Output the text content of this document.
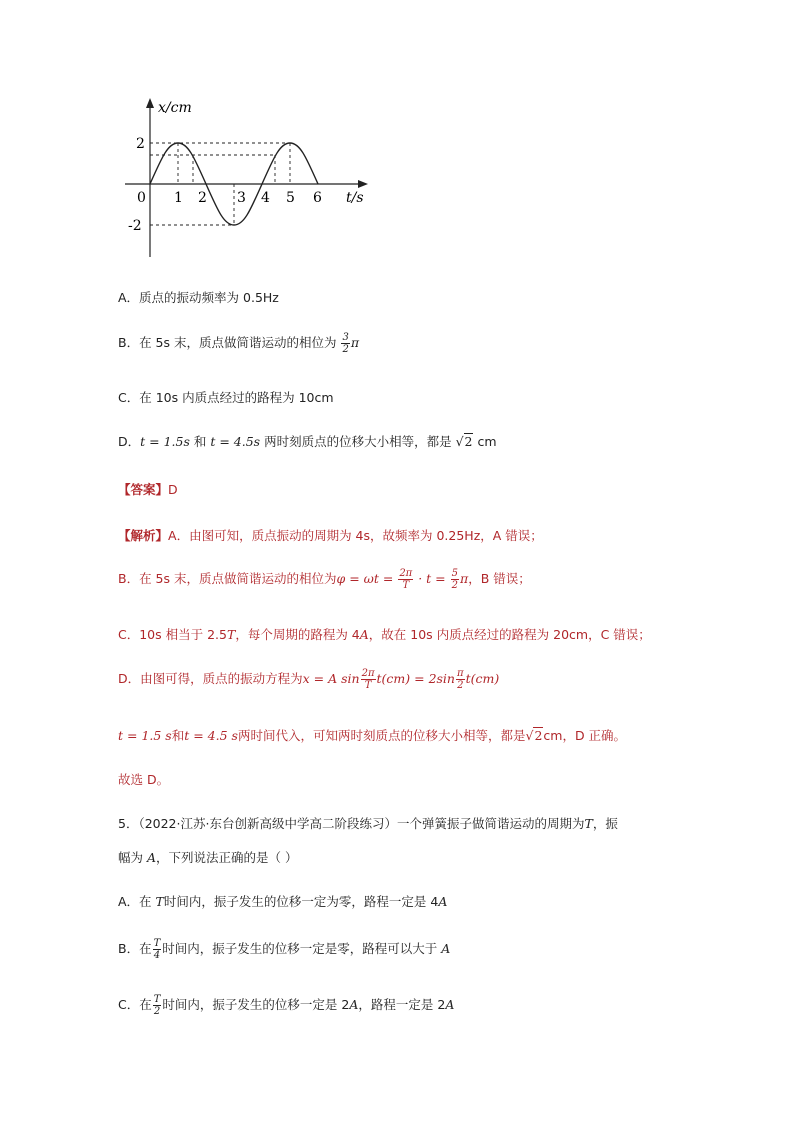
x/cm
0
2
-2
1 2 3 4 5 6 t/s
A．质点的振动频率为 0.5Hz
B．在 5s 末，质点做简谐运动的相位为 $\frac{3}{2}$ π
C．在 10s 内质点经过的路程为 10cm
D．t = 1.5s 和 t = 4.5s 两时刻质点的位移大小相等，都是 √2 cm
【答案】D
【解析】A．由图可知，质点振动的周期为 4s，故频率为 0.25Hz，A 错误；
B．在 5s 末，质点做简谐运动的相位为$\varphi = \omega t = \frac{2\pi}{T} \cdot t = \frac{5}{2}$ π，B 错误；
C．10s 相当于 2.5T，每个周期的路程为 4A，故在 10s 内质点经过的路程为 20cm，C 错误；
D．由图可得，质点的振动方程为x = A $\sin \frac{2\pi}{T} t(cm) = 2\sin \frac{\pi}{2} t(cm)$
t = 1.5 s和t = 4.5 s两时间代入，可知两时刻质点的位移大小相等，都是√2cm，D 正确。
故选 D。
5．（2022·江苏·东台创新高级中学高二阶段练习）一个弹簧振子做简谐运动的周期为T，振
幅为 A，下列说法正确的是（ ）
A．在 T时间内，振子发生的位移一定为零，路程一定是 4A
B．在 $\frac{T}{4}$ 时间内，振子发生的位移一定是零，路程可以大于 A
C．在 $\frac{T}{2}$ 时间内，振子发生的位移一定是 2A，路程一定是 2A
